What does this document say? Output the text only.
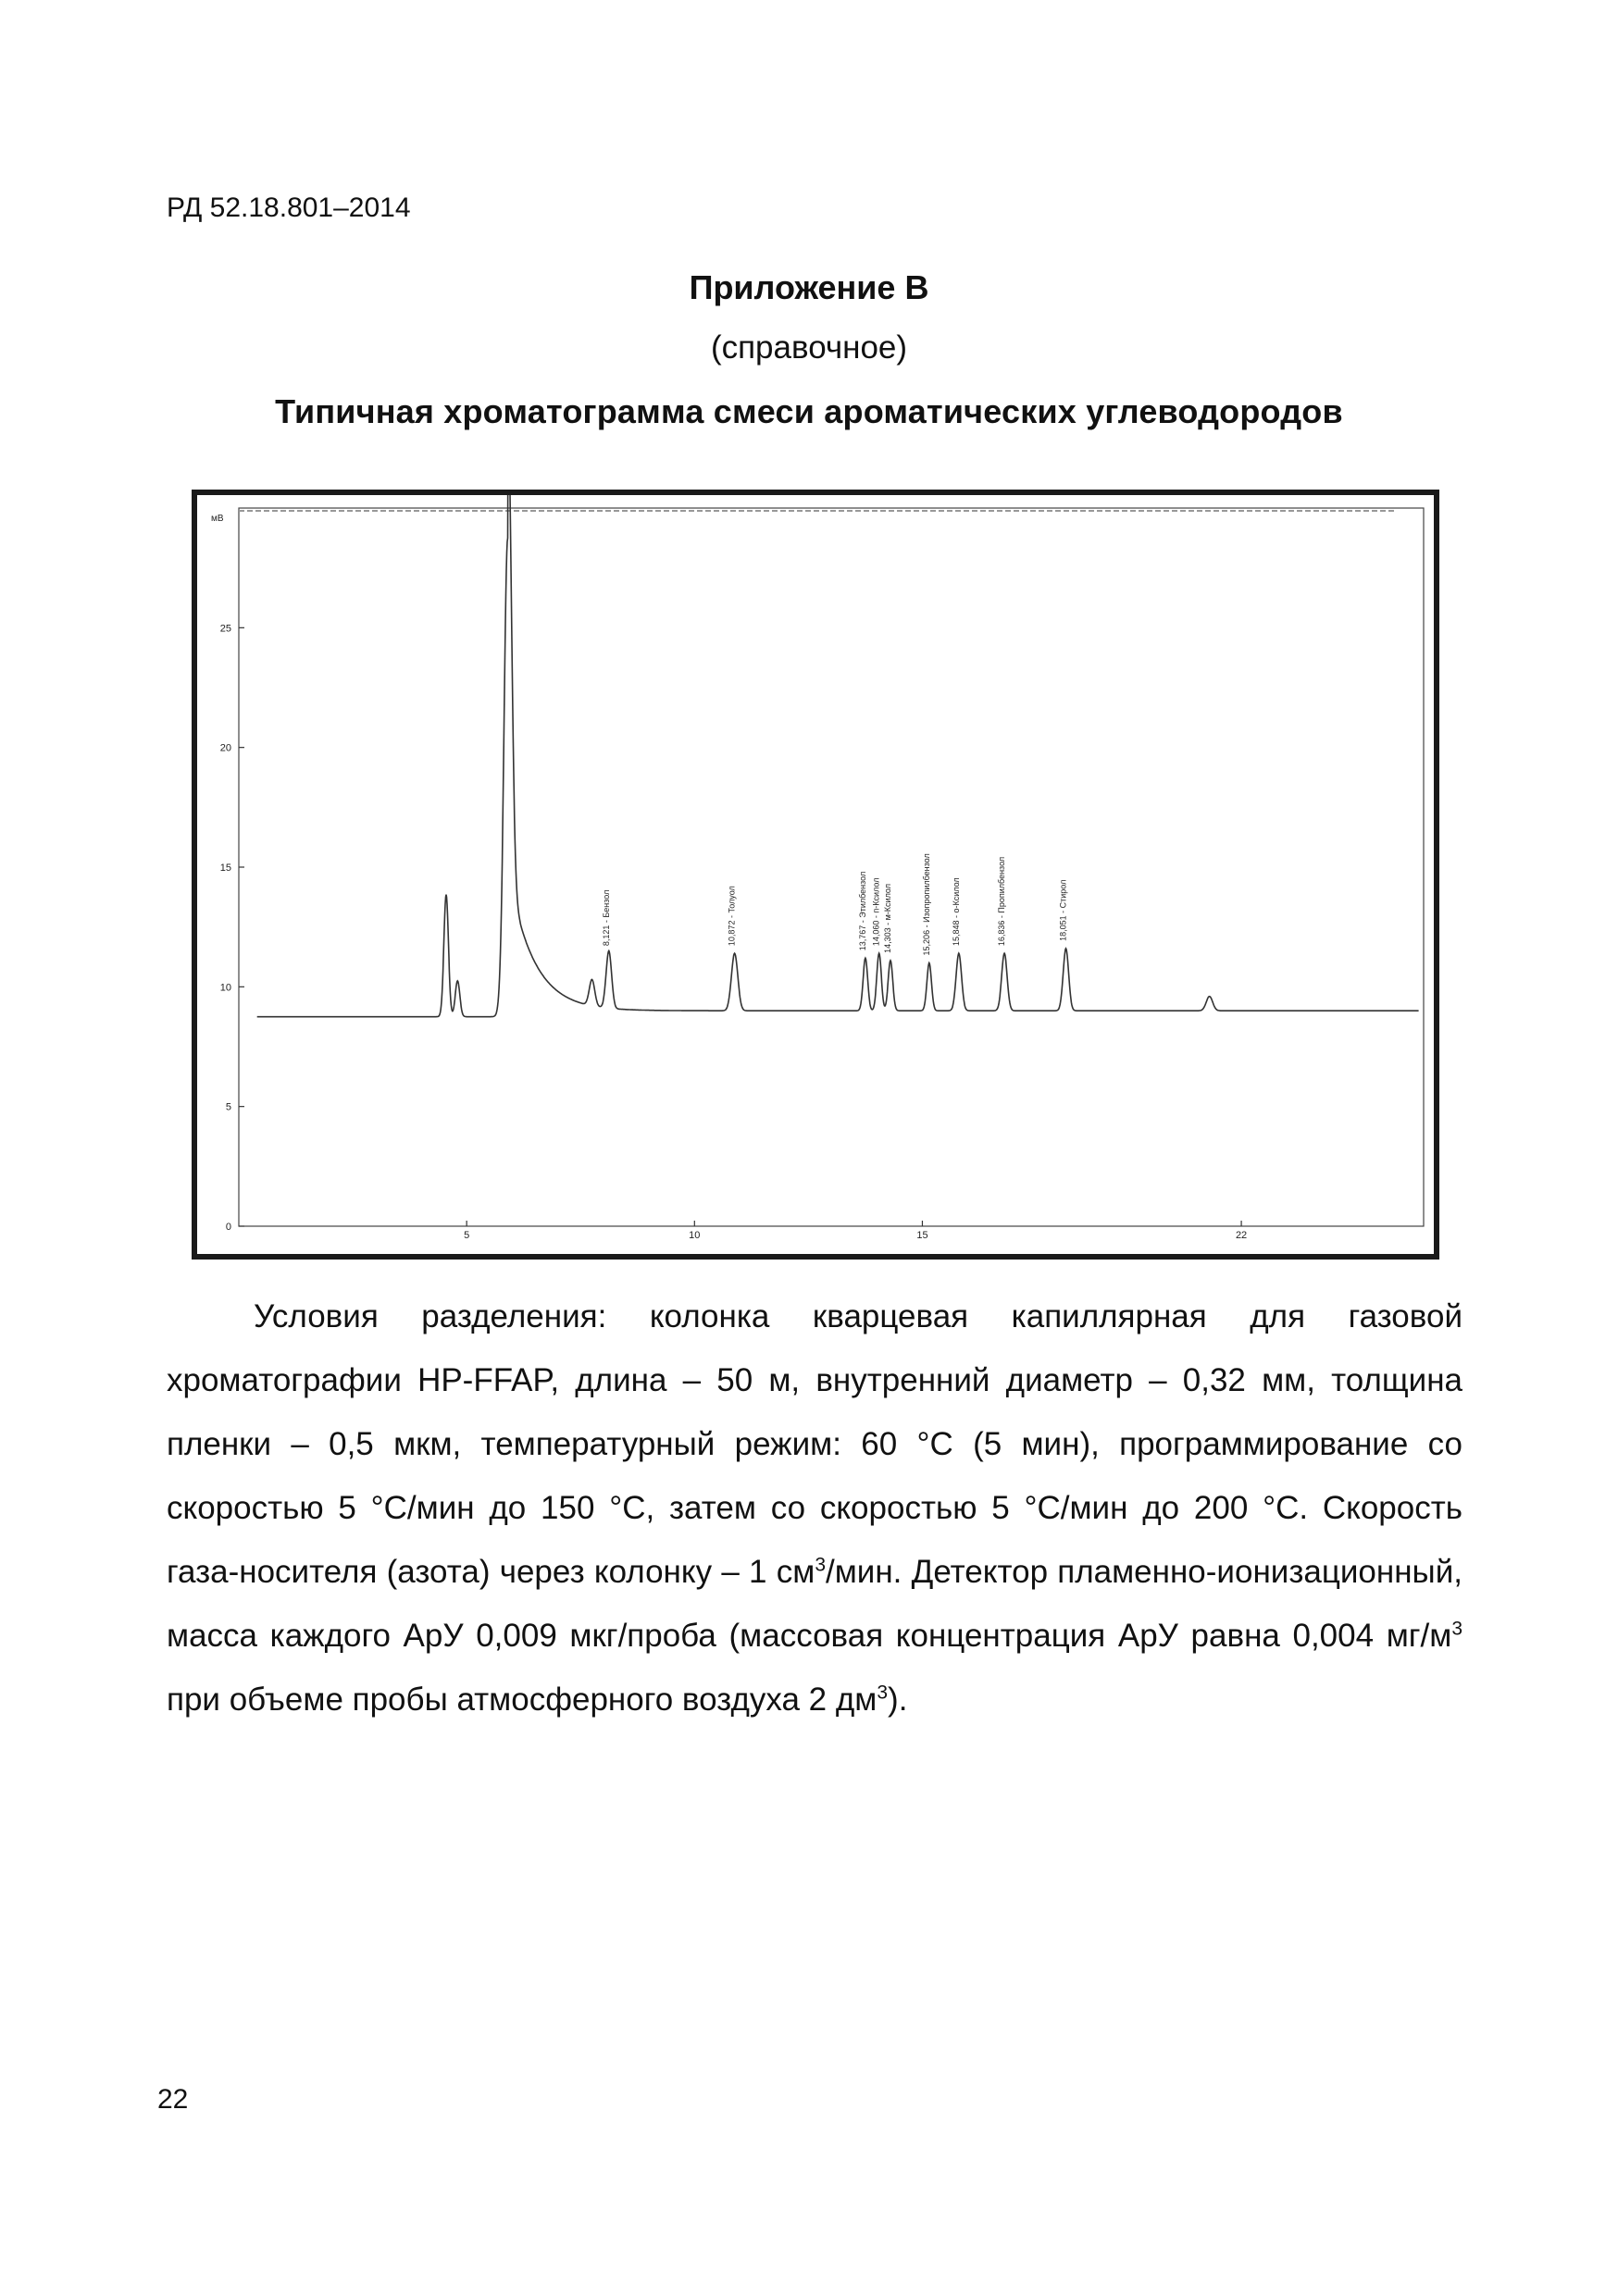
РД 52.18.801–2014
Приложение В
(справочное)
Типичная хроматограмма смеси ароматических углеводородов
мВ
0
5
10
15
20
25
5	10	15	22
8,121 - Бензол	10,872 - Толуол	13,767 - Этилбензол 14,060 - п-Ксилол 14,303 - м-Ксилол	15,206 - Изопропилбензол 15,848 - о-Ксилол	16,836 - Пропилбензол	18,051 - Стирол

Условия разделения: колонка кварцевая капиллярная для газовой хроматографии HP-FFAP, длина – 50 м, внутренний диаметр – 0,32 мм, толщина пленки – 0,5 мкм, температурный режим: 60 °С (5 мин), программирование со скоростью 5 °С/мин до 150 °С, затем со скоростью 5 °С/мин до 200 °С. Скорость газа-носителя (азота) через колонку – 1 $см^3$/мин. Детектор пламенно-ионизационный, масса каждого АрУ 0,009 мкг/проба (массовая концентрация АрУ равна 0,004 $мг/м^3$ при объеме пробы атмосферного воздуха 2 $дм^3$).

22
